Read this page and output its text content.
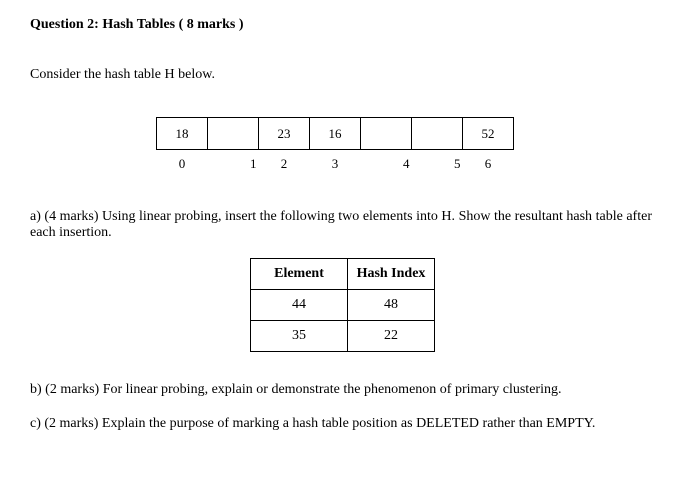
Question 2: Hash Tables ( 8 marks )
Consider the hash table H below.
18		23	16			52
0	1	2	3	4	5	6
a) (4 marks) Using linear probing, insert the following two elements into H. Show the resultant hash table after each insertion.
Element	Hash Index
44	48
35	22
b) (2 marks) For linear probing, explain or demonstrate the phenomenon of primary clustering.
c) (2 marks) Explain the purpose of marking a hash table position as DELETED rather than EMPTY.
